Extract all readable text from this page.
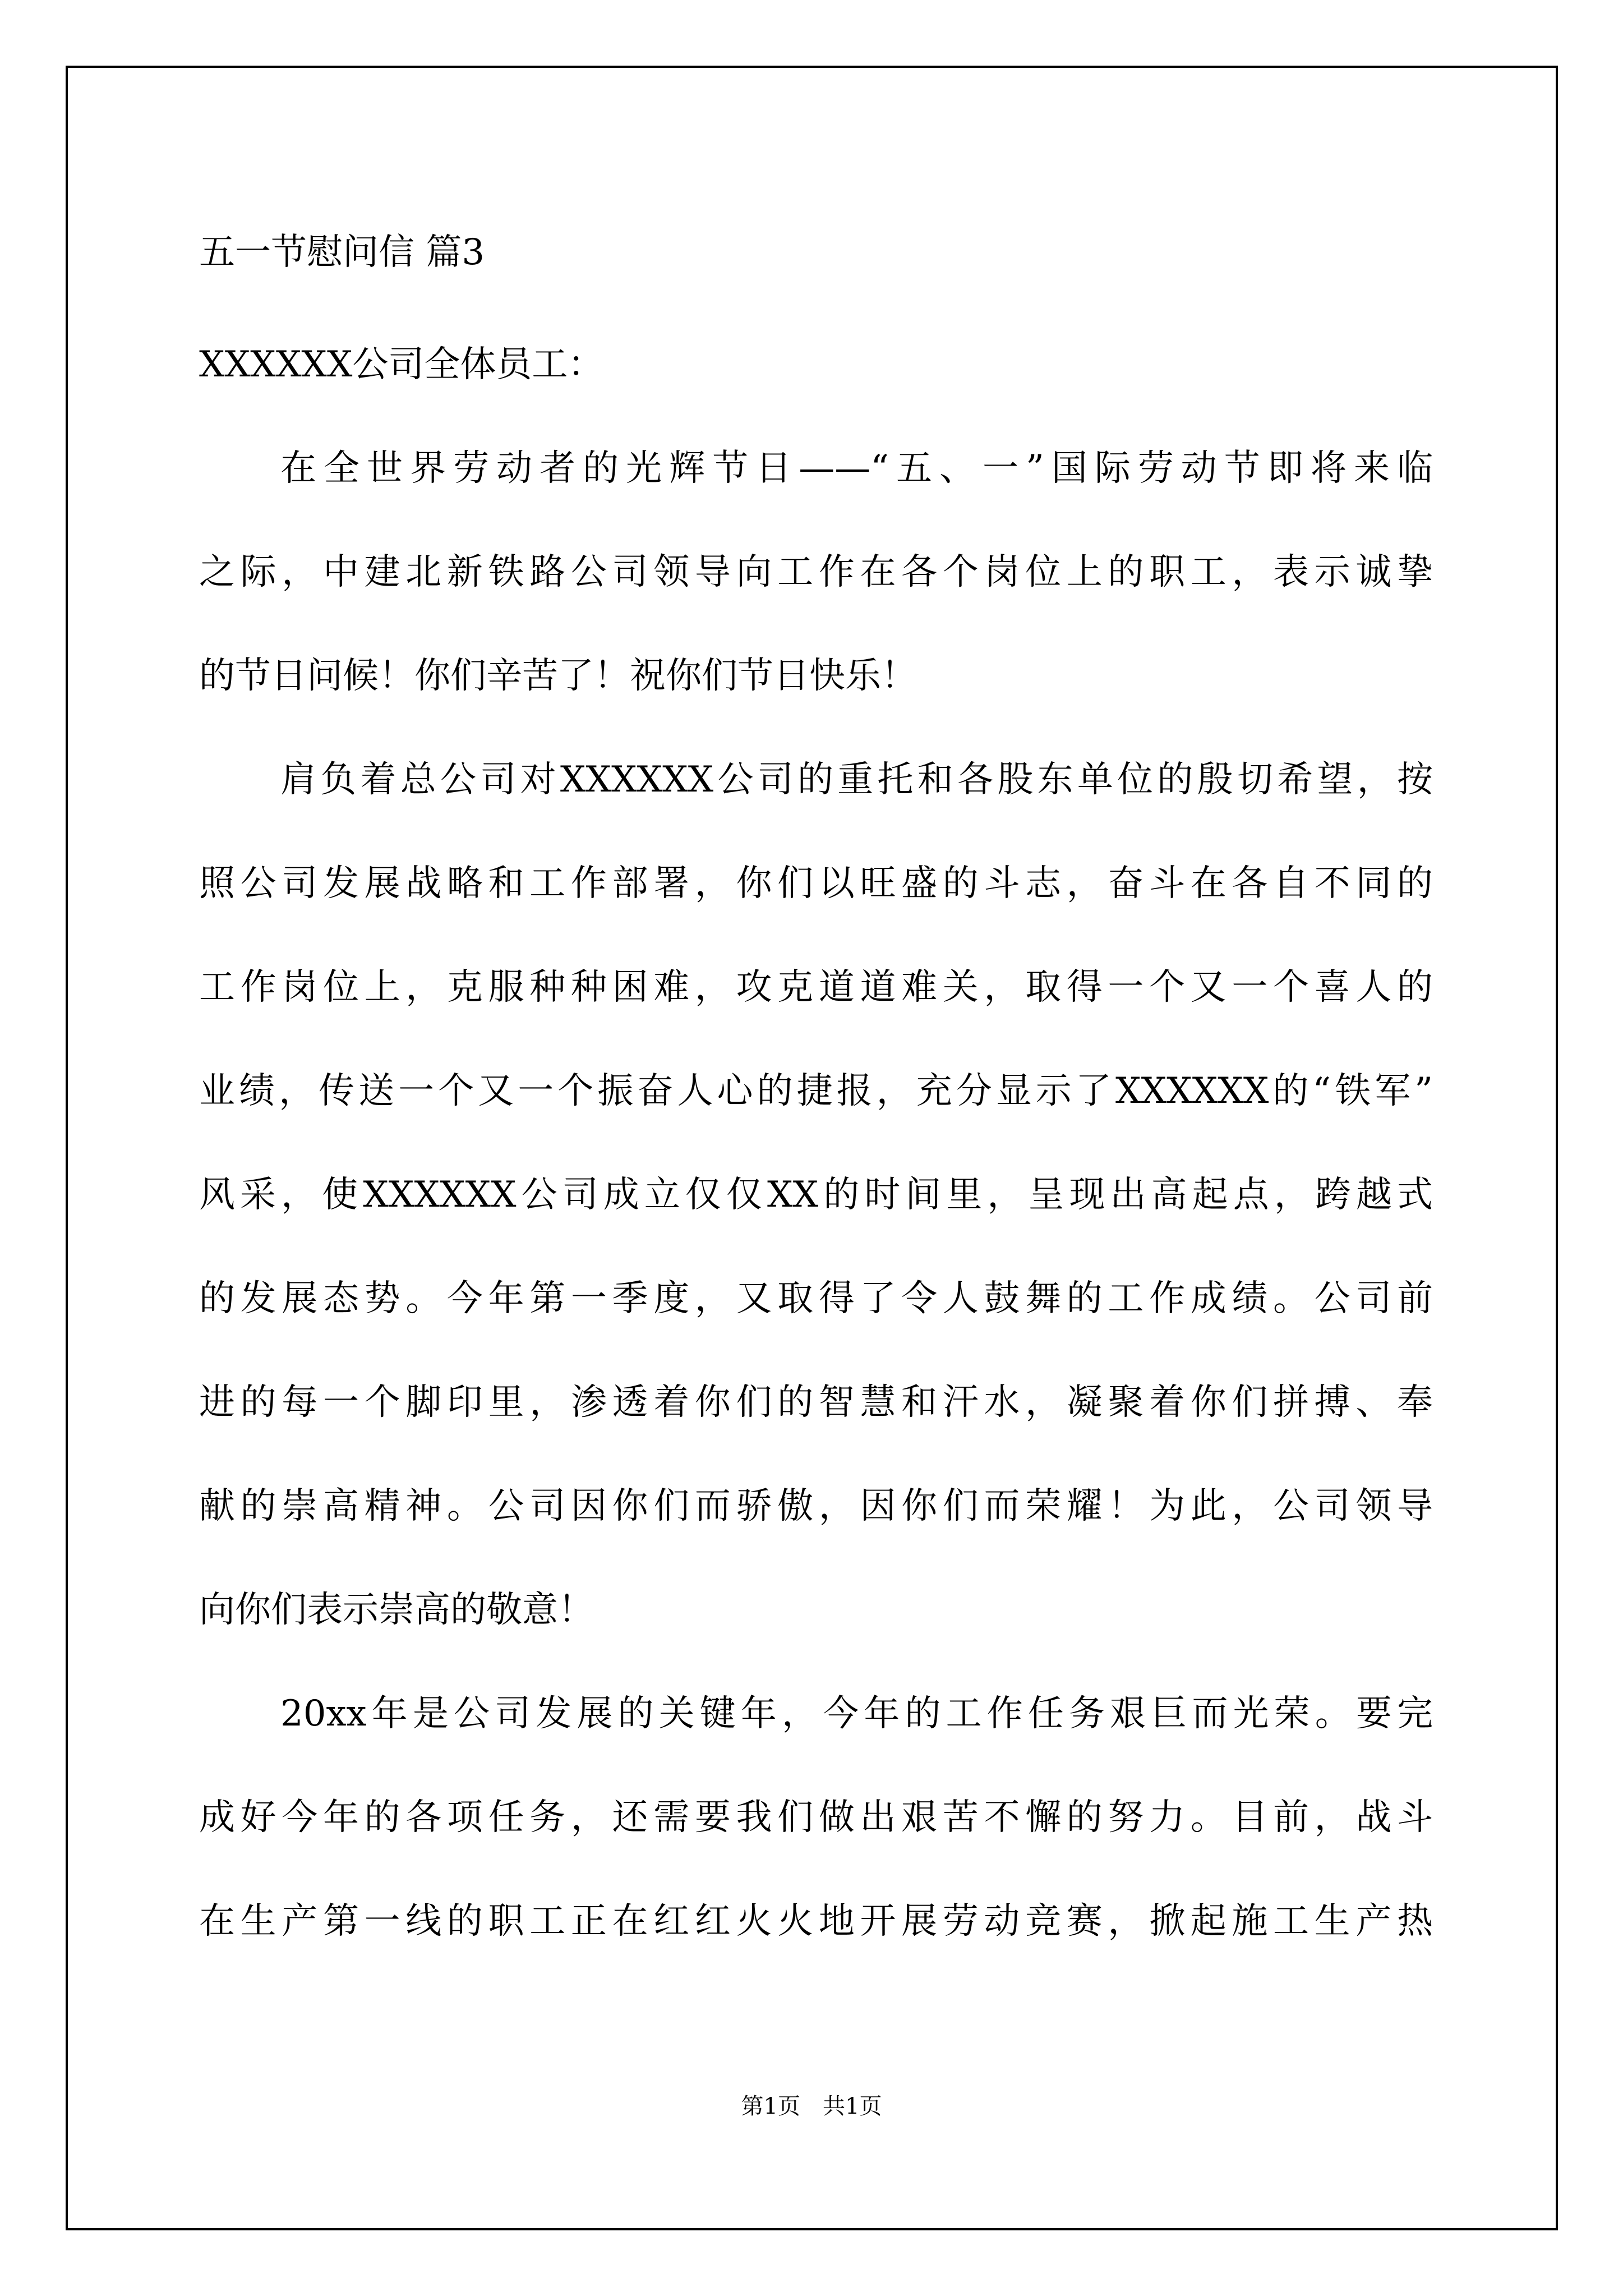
五一节慰问信 篇3
XXXXXX公司全体员工：
在全世界劳动者的光辉节日——“五、一”国际劳动节即将来临
之际，中建北新铁路公司领导向工作在各个岗位上的职工，表示诚挚
的节日问候！你们辛苦了！祝你们节日快乐！
肩负着总公司对XXXXXX公司的重托和各股东单位的殷切希望，按
照公司发展战略和工作部署，你们以旺盛的斗志，奋斗在各自不同的
工作岗位上，克服种种困难，攻克道道难关，取得一个又一个喜人的
业绩，传送一个又一个振奋人心的捷报，充分显示了XXXXXX的“铁军”
风采，使XXXXXX公司成立仅仅XX的时间里，呈现出高起点，跨越式
的发展态势。今年第一季度，又取得了令人鼓舞的工作成绩。公司前
进的每一个脚印里，渗透着你们的智慧和汗水，凝聚着你们拼搏、奉
献的崇高精神。公司因你们而骄傲，因你们而荣耀！为此，公司领导
向你们表示崇高的敬意！
20xx年是公司发展的关键年，今年的工作任务艰巨而光荣。要完
成好今年的各项任务，还需要我们做出艰苦不懈的努力。目前，战斗
在生产第一线的职工正在红红火火地开展劳动竞赛，掀起施工生产热
第1页　共1页
